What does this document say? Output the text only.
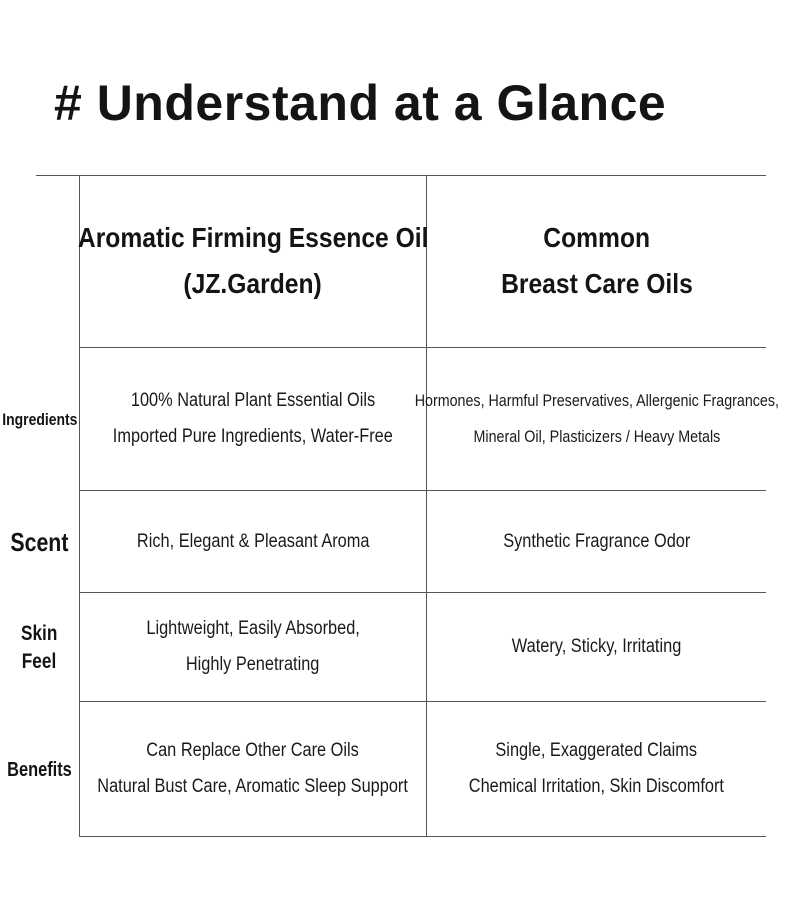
# Understand at a Glance
Aromatic Firming Essence Oil
(JZ.Garden)
Common
Breast Care Oils
Ingredients
100% Natural Plant Essential Oils
Imported Pure Ingredients, Water-Free
Hormones, Harmful Preservatives, Allergenic Fragrances,
Mineral Oil, Plasticizers / Heavy Metals
Scent	Rich, Elegant & Pleasant Aroma	Synthetic Fragrance Odor
Skin
Feel
Lightweight, Easily Absorbed,
Highly Penetrating
Watery, Sticky, Irritating
Benefits
Can Replace Other Care Oils
Natural Bust Care, Aromatic Sleep Support
Single, Exaggerated Claims
Chemical Irritation, Skin Discomfort
